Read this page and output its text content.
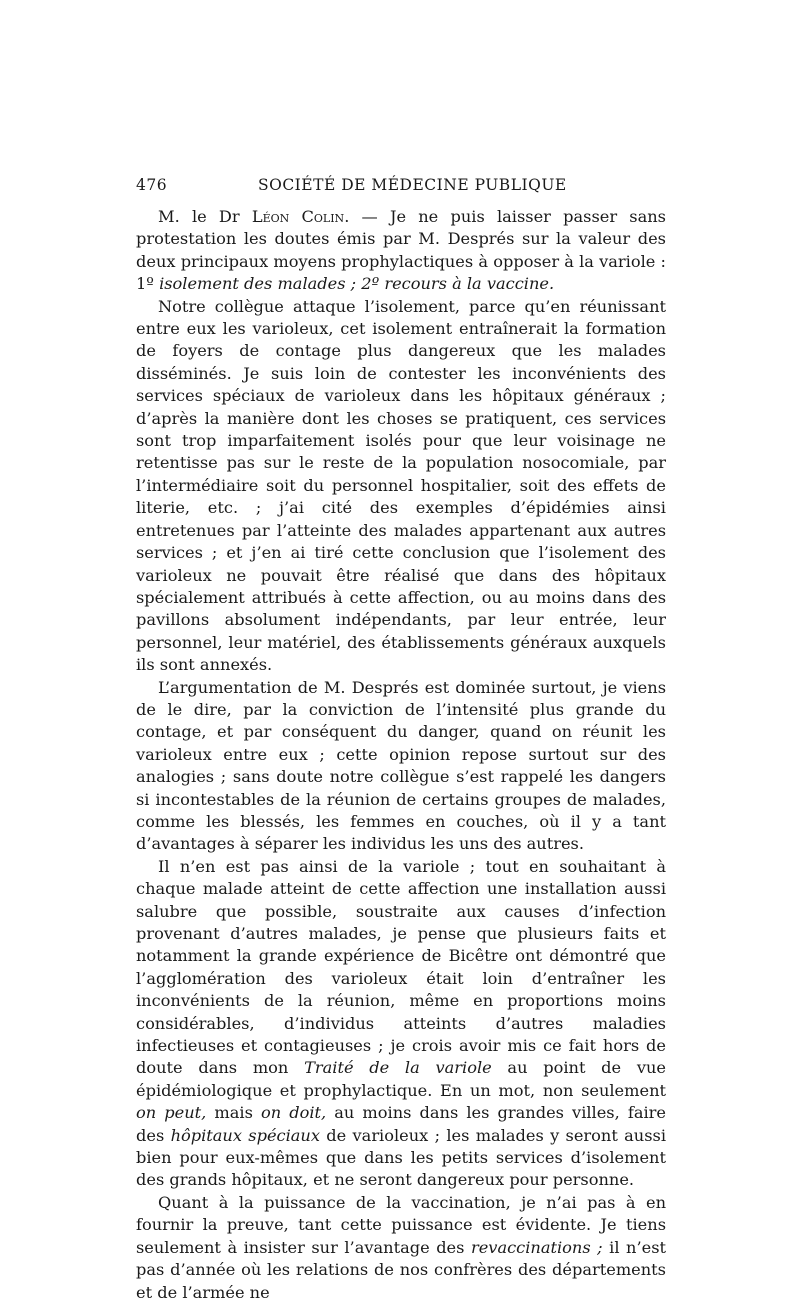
476	SOCIÉTÉ DE MÉDECINE PUBLIQUE

M. le Dr Léon Colin. — Je ne puis laisser passer sans protestation les doutes émis par M. Després sur la valeur des deux principaux moyens prophylactiques à opposer à la variole : 1º isolement des malades ; 2º recours à la vaccine.

Notre collègue attaque l’isolement, parce qu’en réunissant entre eux les varioleux, cet isolement entraînerait la formation de foyers de contage plus dangereux que les malades disséminés. Je suis loin de contester les inconvénients des services spéciaux de varioleux dans les hôpitaux généraux ; d’après la manière dont les choses se pratiquent, ces services sont trop imparfaitement isolés pour que leur voisinage ne retentisse pas sur le reste de la population nosocomiale, par l’intermédiaire soit du personnel hospitalier, soit des effets de literie, etc. ; j’ai cité des exemples d’épidémies ainsi entretenues par l’atteinte des malades appartenant aux autres services ; et j’en ai tiré cette conclusion que l’isolement des varioleux ne pouvait être réalisé que dans des hôpitaux spécialement attribués à cette affection, ou au moins dans des pavillons absolument indépendants, par leur entrée, leur personnel, leur matériel, des établissements généraux auxquels ils sont annexés.

L’argumentation de M. Després est dominée surtout, je viens de le dire, par la conviction de l’intensité plus grande du contage, et par conséquent du danger, quand on réunit les varioleux entre eux ; cette opinion repose surtout sur des analogies ; sans doute notre collègue s’est rappelé les dangers si incontestables de la réunion de certains groupes de malades, comme les blessés, les femmes en couches, où il y a tant d’avantages à séparer les individus les uns des autres.

Il n’en est pas ainsi de la variole ; tout en souhaitant à chaque malade atteint de cette affection une installation aussi salubre que possible, soustraite aux causes d’infection provenant d’autres malades, je pense que plusieurs faits et notamment la grande expérience de Bicêtre ont démontré que l’agglomération des varioleux était loin d’entraîner les inconvénients de la réunion, même en proportions moins considérables, d’individus atteints d’autres maladies infectieuses et contagieuses ; je crois avoir mis ce fait hors de doute dans mon Traité de la variole au point de vue épidémiologique et prophylactique. En un mot, non seulement on peut, mais on doit, au moins dans les grandes villes, faire des hôpitaux spéciaux de varioleux ; les malades y seront aussi bien pour eux-mêmes que dans les petits services d’isolement des grands hôpitaux, et ne seront dangereux pour personne.

Quant à la puissance de la vaccination, je n’ai pas à en fournir la preuve, tant cette puissance est évidente. Je tiens seulement à insister sur l’avantage des revaccinations ; il n’est pas d’année où les relations de nos confrères des départements et de l’armée ne
